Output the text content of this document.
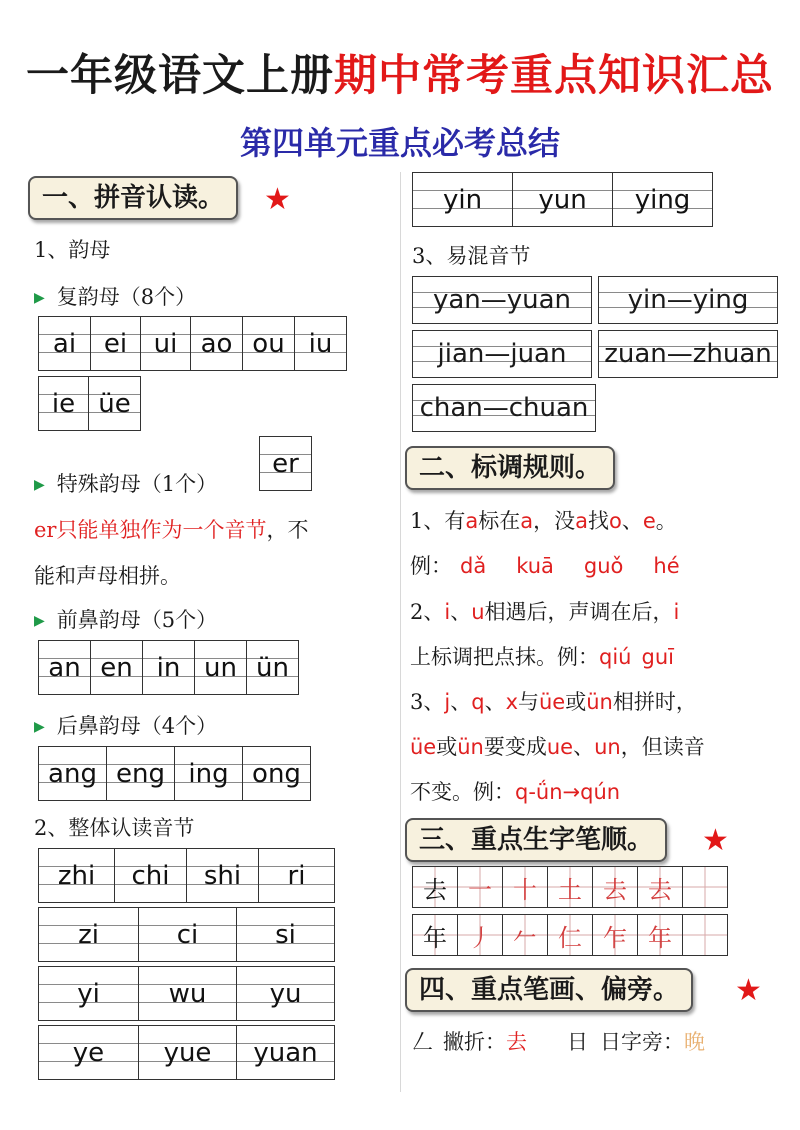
一年级语文上册期中常考重点知识汇总
第四单元重点必考总结
一、拼音认读。	★
1、韵母
▶ 复韵母（8个）
ai	ei	ui ao ou iu
ie üe
▶ 特殊韵母（1个）
er
er只能单独作为一个音节，不
能和声母相拼。
▶ 前鼻韵母（5个）
an en in un ün
▶ 后鼻韵母（4个）
ang eng ing ong
2、整体认读音节
zhi	chi	shi	ri
zi	ci	si
yi	wu	yu
ye	yue	yuan
yin	yun	ying
3、易混音节
yan—yuan	yin—ying
jian—juan	zuan—zhuan
chan—chuan
二、标调规则。
1、有a标在a，没a找o、e。
例： dǎ kuā guǒ hé
2、i、u相遇后，声调在后，i
上标调把点抹。例：qiú guī
3、j、q、x与üe或ün相拼时，
üe或ün要变成ue、un，但读音
不变。例：q-ǘn→qún
三、重点生字笔顺。	★
去 一 十 土 去 去
年 丿 𠂉 仁 乍 年
四、重点笔画、偏旁。	★
𠃋 撇折：去 日 日字旁：晚
